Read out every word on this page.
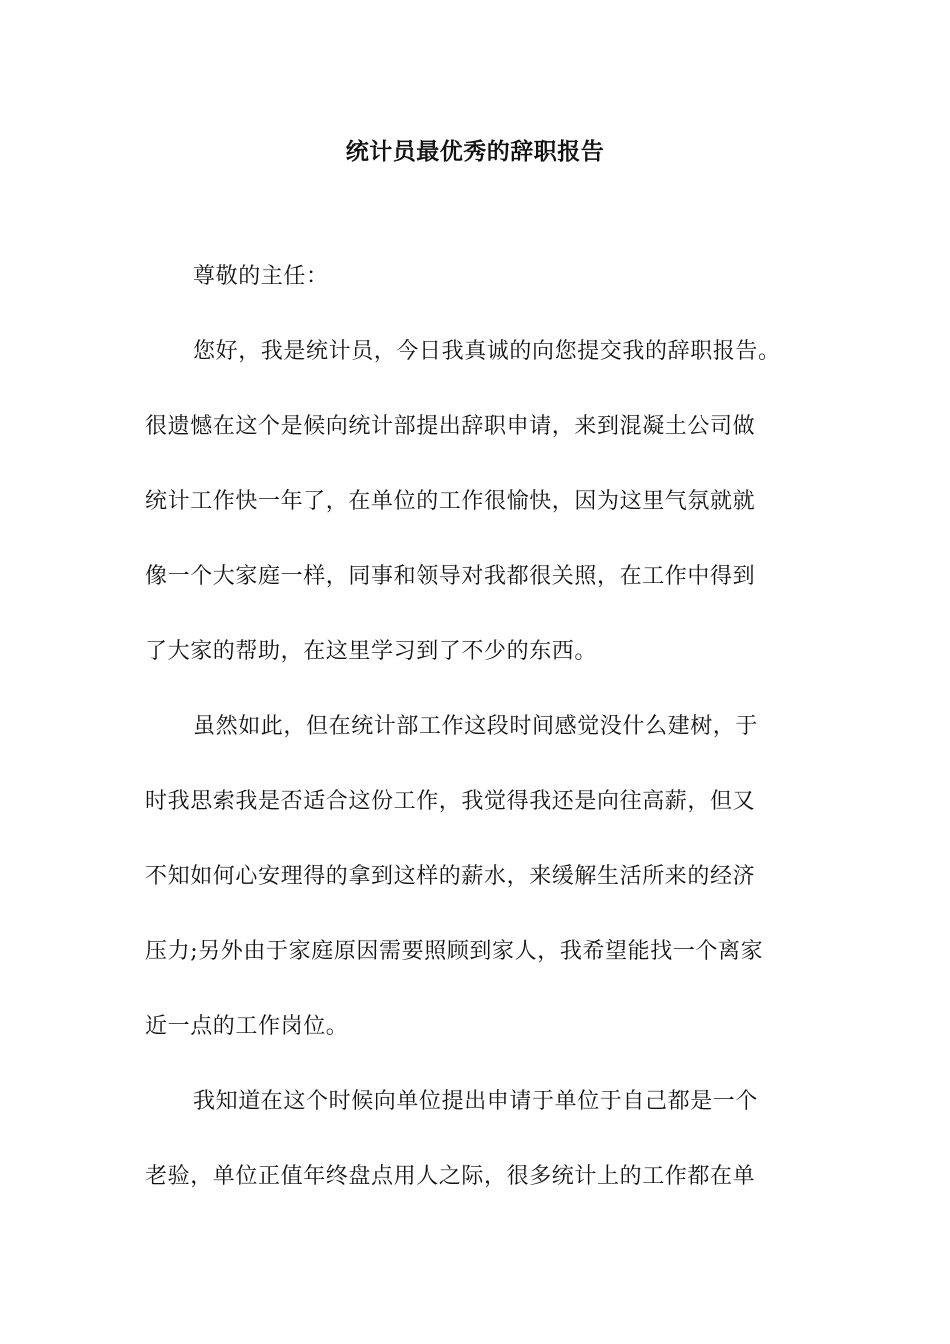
统计员最优秀的辞职报告
尊敬的主任：
您好，我是统计员，今日我真诚的向您提交我的辞职报告。
很遗憾在这个是候向统计部提出辞职申请，来到混凝土公司做
统计工作快一年了，在单位的工作很愉快，因为这里气氛就就
像一个大家庭一样，同事和领导对我都很关照，在工作中得到
了大家的帮助，在这里学习到了不少的东西。
虽然如此，但在统计部工作这段时间感觉没什么建树，于
时我思索我是否适合这份工作，我觉得我还是向往高薪，但又
不知如何心安理得的拿到这样的薪水，来缓解生活所来的经济
压力;另外由于家庭原因需要照顾到家人，我希望能找一个离家
近一点的工作岗位。
我知道在这个时候向单位提出申请于单位于自己都是一个
老验，单位正值年终盘点用人之际，很多统计上的工作都在单
